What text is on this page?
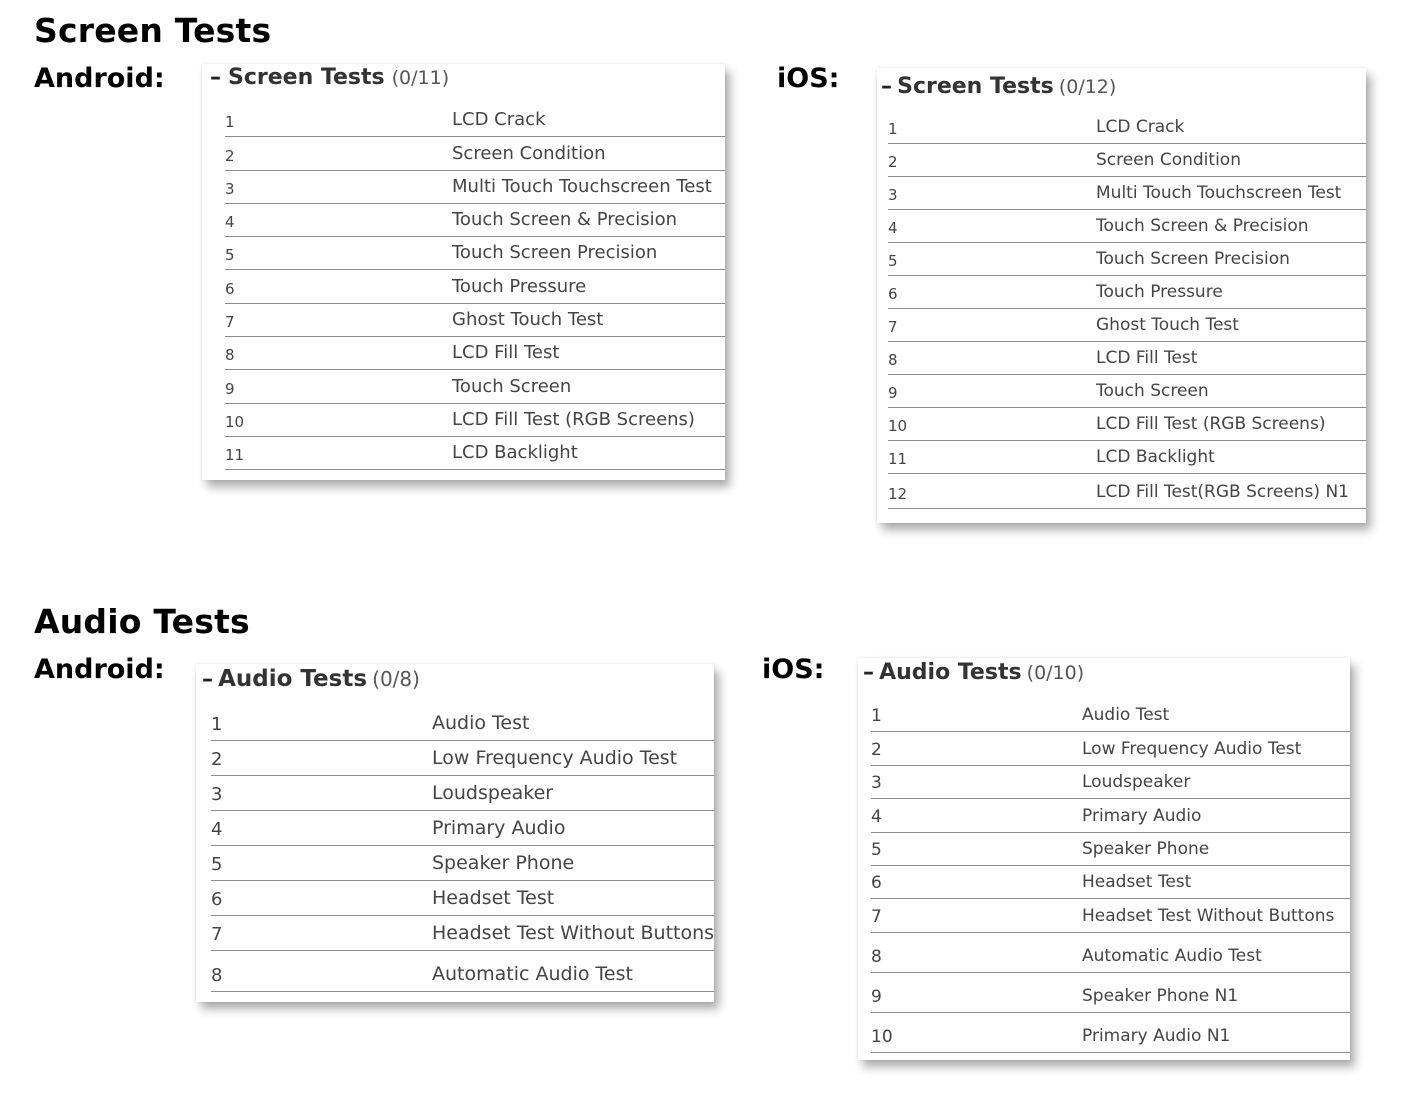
Screen Tests
Android:	iOS:
– Screen Tests (0/11)
1	LCD Crack
2	Screen Condition
3	Multi Touch Touchscreen Test
4	Touch Screen & Precision
5	Touch Screen Precision
6	Touch Pressure
7	Ghost Touch Test
8	LCD Fill Test
9	Touch Screen
10	LCD Fill Test (RGB Screens)
11	LCD Backlight
– Screen Tests (0/12)
1	LCD Crack
2	Screen Condition
3	Multi Touch Touchscreen Test
4	Touch Screen & Precision
5	Touch Screen Precision
6	Touch Pressure
7	Ghost Touch Test
8	LCD Fill Test
9	Touch Screen
10	LCD Fill Test (RGB Screens)
11	LCD Backlight
12	LCD Fill Test(RGB Screens) N1
Audio Tests
Android:	iOS:
– Audio Tests (0/8)
1	Audio Test
2	Low Frequency Audio Test
3	Loudspeaker
4	Primary Audio
5	Speaker Phone
6	Headset Test
7	Headset Test Without Buttons
8	Automatic Audio Test
– Audio Tests (0/10)
1	Audio Test
2	Low Frequency Audio Test
3	Loudspeaker
4	Primary Audio
5	Speaker Phone
6	Headset Test
7	Headset Test Without Buttons
8	Automatic Audio Test
9	Speaker Phone N1
10	Primary Audio N1
